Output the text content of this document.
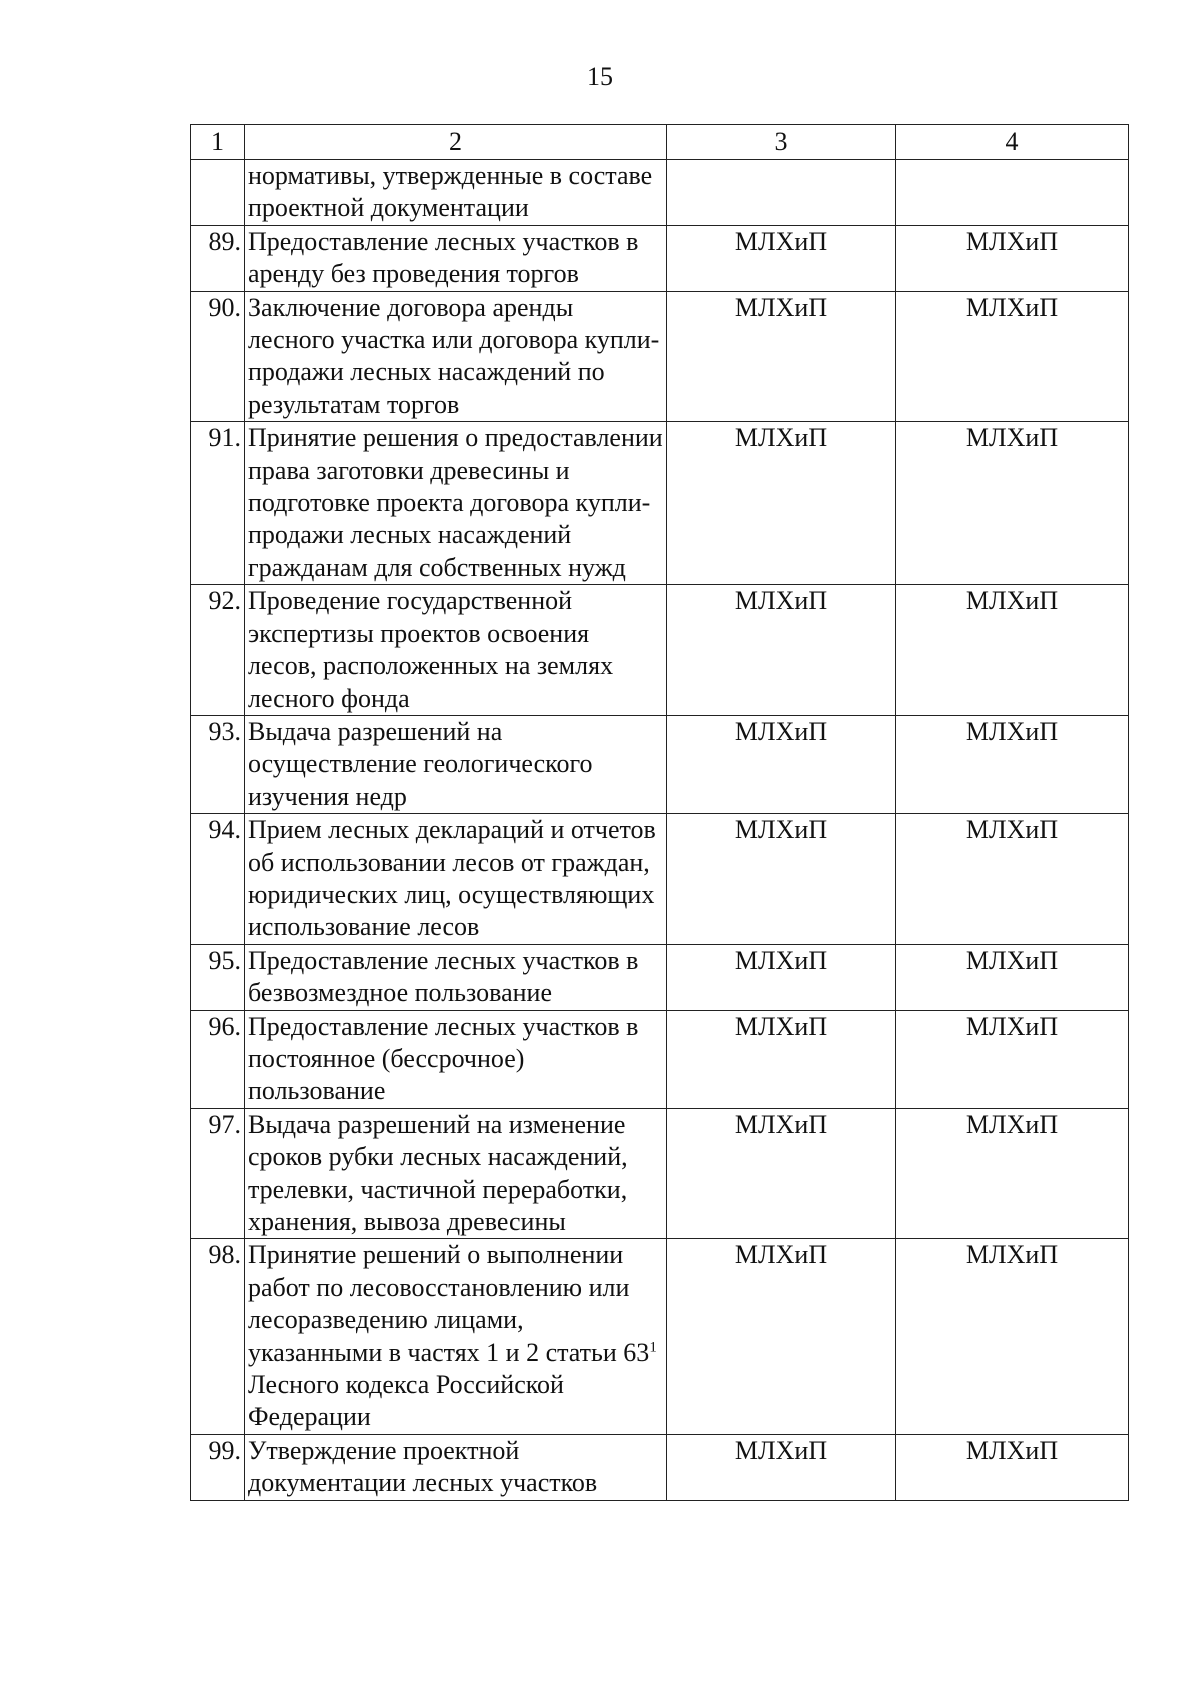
15
1	2	3	4
	нормативы, утвержденные в составе проектной документации		
89.	Предоставление лесных участков в аренду без проведения торгов	МЛХиП	МЛХиП
90.	Заключение договора аренды лесного участка или договора купли-продажи лесных насаждений по результатам торгов	МЛХиП	МЛХиП
91.	Принятие решения о предоставлении права заготовки древесины и подготовке проекта договора купли-продажи лесных насаждений гражданам для собственных нужд	МЛХиП	МЛХиП
92.	Проведение государственной экспертизы проектов освоения лесов, расположенных на землях лесного фонда	МЛХиП	МЛХиП
93.	Выдача разрешений на осуществление геологического изучения недр	МЛХиП	МЛХиП
94.	Прием лесных деклараций и отчетов об использовании лесов от граждан, юридических лиц, осуществляющих использование лесов	МЛХиП	МЛХиП
95.	Предоставление лесных участков в безвозмездное пользование	МЛХиП	МЛХиП
96.	Предоставление лесных участков в постоянное (бессрочное) пользование	МЛХиП	МЛХиП
97.	Выдача разрешений на изменение сроков рубки лесных насаждений, трелевки, частичной переработки, хранения, вывоза древесины	МЛХиП	МЛХиП
98.	Принятие решений о выполнении работ по лесовосстановлению или лесоразведению лицами, указанными в частях 1 и 2 статьи $63^1$ Лесного кодекса Российской Федерации	МЛХиП	МЛХиП
99.	Утверждение проектной документации лесных участков	МЛХиП	МЛХиП
